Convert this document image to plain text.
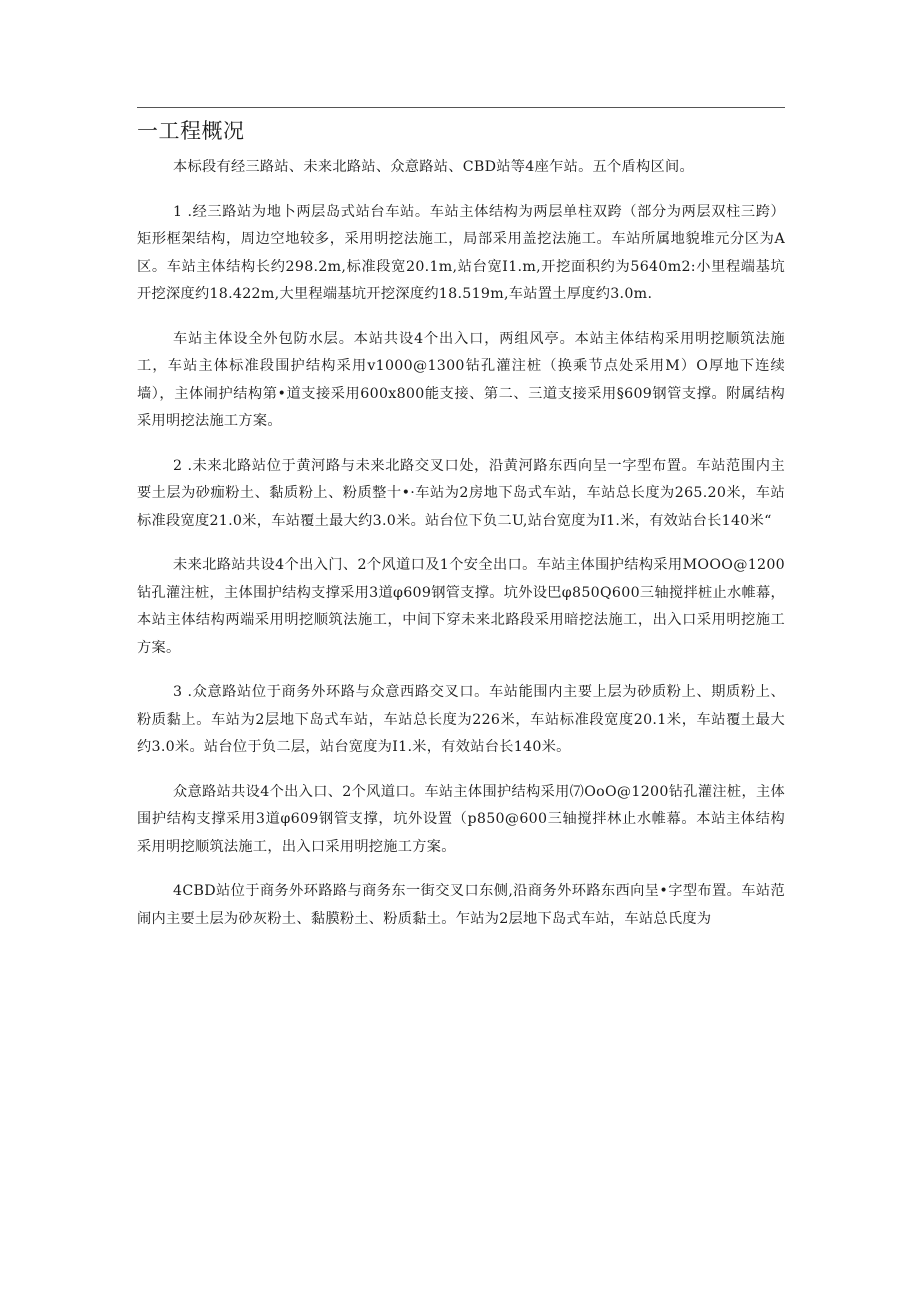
一工程概况

本标段有经三路站、未来北路站、众意路站、CBD站等4座乍站。五个盾构区间。

1 .经三路站为地卜两层岛式站台车站。车站主体结构为两层单柱双跨（部分为两层双柱三跨）矩形框架结构，周边空地较多，采用明挖法施工，局部采用盖挖法施工。车站所属地貌堆元分区为A区。车站主体结构长约298.2m,标准段宽20.1m,站台宽I1.m,开挖面积约为5640m2:小里程端基坑开挖深度约18.422m,大里程端基坑开挖深度约18.519m,车站置土厚度约3.0m.

车站主体设全外包防水层。本站共设4个出入口，两组风亭。本站主体结构采用明挖顺筑法施工，车站主体标准段围护结构采用v1000@1300钻孔灌注桩（换乘节点处采用M）O厚地下连续墙），主体闹护结构第•道支接采用600x800能支接、第二、三道支接采用§609钢管支撑。附属结构采用明挖法施工方案。

2 .未来北路站位于黄河路与未来北路交叉口处，沿黄河路东西向呈一字型布置。车站范围内主要土层为砂痂粉土、黏质粉上、粉质整十•·车站为2房地下岛式车站，车站总长度为265.20米，车站标准段宽度21.0米，车站覆土最大约3.0米。站台位下负二U,站台宽度为I1.米，有效站台长140米“

未来北路站共设4个出入门、2个风道口及1个安全出口。车站主体围护结构采用MOOO@1200钻孔灌注桩，主体围护结构支撑采用3道φ609钢管支撑。坑外设巴φ850Q600三轴搅拌桩止水帷幕，本站主体结构两端采用明挖顺筑法施工，中间下穿未来北路段采用暗挖法施工，出入口采用明挖施工方案。

3 .众意路站位于商务外环路与众意西路交叉口。车站能围内主要上层为砂质粉上、期质粉上、粉质黏上。车站为2层地下岛式车站，车站总长度为226米，车站标准段宽度20.1米，车站覆土最大约3.0米。站台位于负二层，站台宽度为I1.米，有效站台长140米。

众意路站共设4个出入口、2个风道口。车站主体围护结构采用⑺OoO@1200钻孔灌注桩，主体围护结构支撑采用3道φ609钢管支撑，坑外设置（p850@600三轴搅拌林止水帷幕。本站主体结构采用明挖顺筑法施工，出入口采用明挖施工方案。

4CBD站位于商务外环路路与商务东一街交叉口东侧,沿商务外环路东西向呈•字型布置。车站范闹内主要土层为砂灰粉土、黏膜粉土、粉质黏土。乍站为2层地下岛式车站，车站总氏度为
